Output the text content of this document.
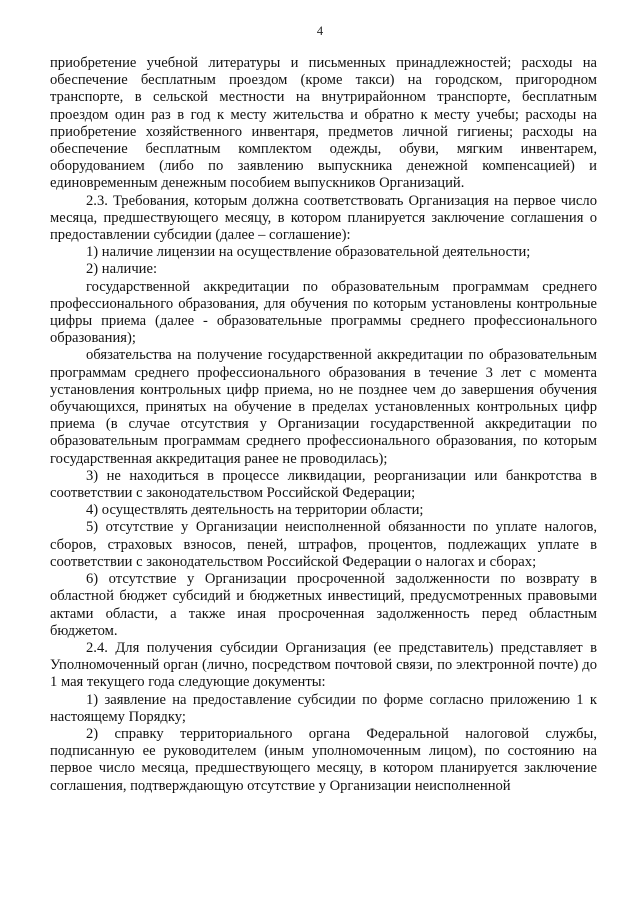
4

приобретение учебной литературы и письменных принадлежностей; расходы на обеспечение бесплатным проездом (кроме такси) на городском, пригородном транспорте, в сельской местности на внутрирайонном транспорте, бесплатным проездом один раз в год к месту жительства и обратно к месту учебы; расходы на приобретение хозяйственного инвентаря, предметов личной гигиены; расходы на обеспечение бесплатным комплектом одежды, обуви, мягким инвентарем, оборудованием (либо по заявлению выпускника денежной компенсацией) и единовременным денежным пособием выпускников Организаций.

2.3. Требования, которым должна соответствовать Организация на первое число месяца, предшествующего месяцу, в котором планируется заключение соглашения о предоставлении субсидии (далее – соглашение):

1) наличие лицензии на осуществление образовательной деятельности;

2) наличие:

государственной аккредитации по образовательным программам среднего профессионального образования, для обучения по которым установлены контрольные цифры приема (далее - образовательные программы среднего профессионального образования);

обязательства на получение государственной аккредитации по образовательным программам среднего профессионального образования в течение 3 лет с момента установления контрольных цифр приема, но не позднее чем до завершения обучения обучающихся, принятых на обучение в пределах установленных контрольных цифр приема (в случае отсутствия у Организации государственной аккредитации по образовательным программам среднего профессионального образования, по которым государственная аккредитация ранее не проводилась);

3) не находиться в процессе ликвидации, реорганизации или банкротства в соответствии с законодательством Российской Федерации;

4) осуществлять деятельность на территории области;

5) отсутствие у Организации неисполненной обязанности по уплате налогов, сборов, страховых взносов, пеней, штрафов, процентов, подлежащих уплате в соответствии с законодательством Российской Федерации о налогах и сборах;

6) отсутствие у Организации просроченной задолженности по возврату в областной бюджет субсидий и бюджетных инвестиций, предусмотренных правовыми актами области, а также иная просроченная задолженность перед областным бюджетом.

2.4. Для получения субсидии Организация (ее представитель) представляет в Уполномоченный орган (лично, посредством почтовой связи, по электронной почте) до 1 мая текущего года следующие документы:

1) заявление на предоставление субсидии по форме согласно приложению 1 к настоящему Порядку;

2) справку территориального органа Федеральной налоговой службы, подписанную ее руководителем (иным уполномоченным лицом), по состоянию на первое число месяца, предшествующего месяцу, в котором планируется заключение соглашения, подтверждающую отсутствие у Организации неисполненной
